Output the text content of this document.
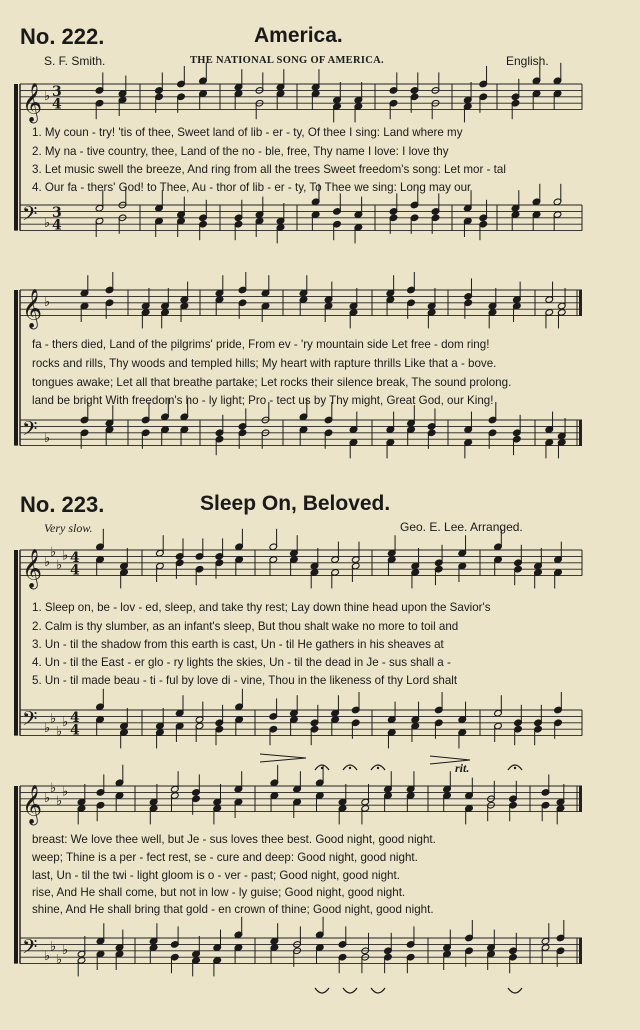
𝄞 ♭ 3
4
𝄢 ♭
3
4
𝄞 ♭
𝄢 ♭
𝄞 ♭
♭
♭
♭ 4
4
𝄢 ♭
♭
♭
♭ 4
4
𝄞 ♭
♭
♭
♭
𝄢 ♭
♭
♭
♭
No. 222.	America.
S. F. Smith.	THE NATIONAL SONG OF AMERICA.	English.
1. My coun - try! 'tis of thee, Sweet land of lib - er - ty, Of thee I sing: Land where my
2. My na - tive country, thee, Land of the no - ble, free, Thy name I love: I love thy
3. Let music swell the breeze, And ring from all the trees Sweet freedom's song: Let mor - tal
4. Our fa - thers' God! to Thee, Au - thor of lib - er - ty, To Thee we sing: Long may our
fa - thers died, Land of the pilgrims' pride, From ev - 'ry mountain side Let free - dom ring!
rocks and rills, Thy woods and templed hills; My heart with rapture thrills Like that a - bove.
tongues awake; Let all that breathe partake; Let rocks their silence break, The sound prolong.
land be bright With freedom's ho - ly light; Pro - tect us by Thy might, Great God, our King!
No. 223.	Sleep On, Beloved.
Very slow.	Geo. E. Lee. Arranged.
1. Sleep on, be - lov - ed, sleep, and take thy rest; Lay down thine head upon the Savior's
2. Calm is thy slumber, as an infant's sleep, But thou shalt wake no more to toil and
3. Un - til the shadow from this earth is cast, Un - til He gathers in his sheaves at
4. Un - til the East - er glo - ry lights the skies, Un - til the dead in Je - sus shall a -
5. Un - til made beau - ti - ful by love di - vine, Thou in the likeness of thy Lord shalt
rit.
breast: We love thee well, but Je - sus loves thee best. Good night, good night.
weep; Thine is a per - fect rest, se - cure and deep: Good night, good night.
last, Un - til the twi - light gloom is o - ver - past; Good night, good night.
rise, And He shall come, but not in low - ly guise; Good night, good night.
shine, And He shall bring that gold - en crown of thine; Good night, good night.
